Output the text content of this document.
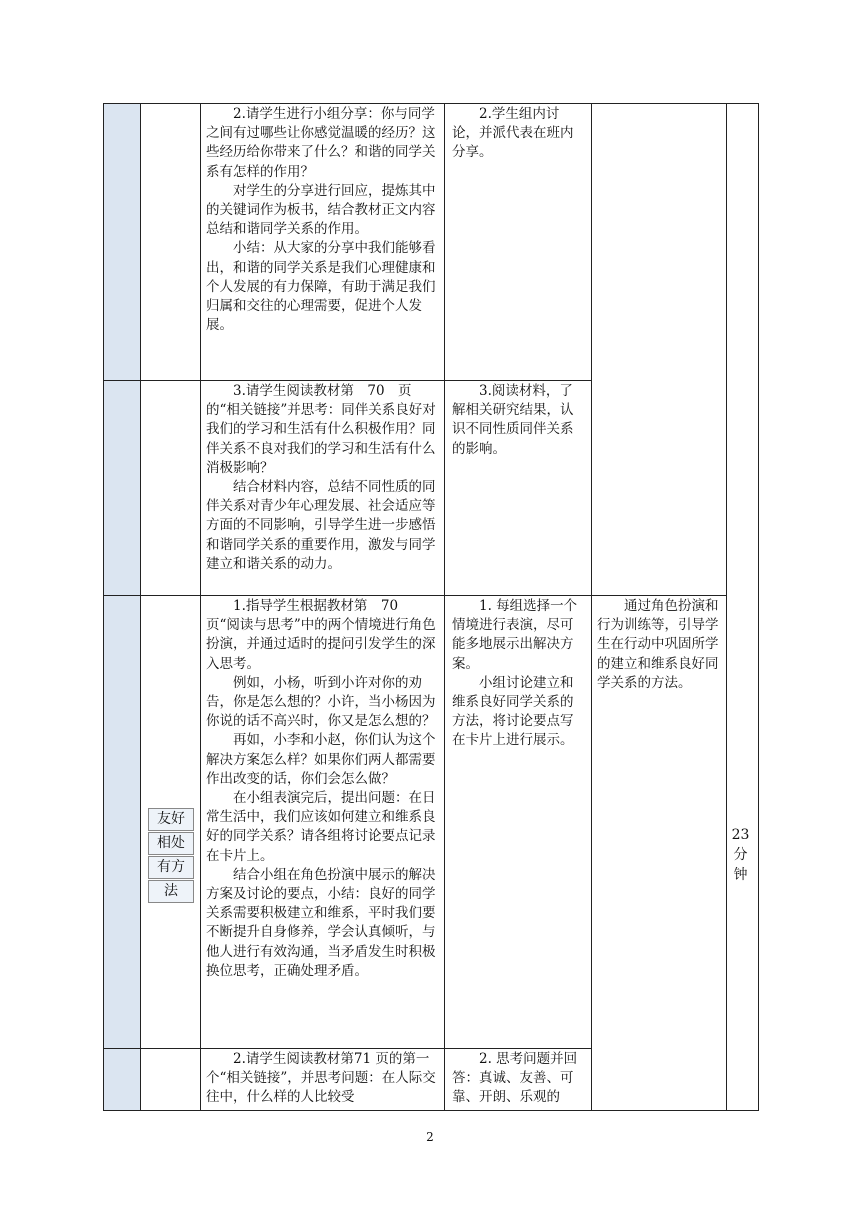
2.请学生进行小组分享：你与同学之间有过哪些让你感觉温暖的经历？这些经历给你带来了什么？和谐的同学关系有怎样的作用？

对学生的分享进行回应，提炼其中的关键词作为板书，结合教材正文内容总结和谐同学关系的作用。

小结：从大家的分享中我们能够看出，和谐的同学关系是我们心理健康和个人发展的有力保障，有助于满足我们归属和交往的心理需要，促进个人发展。

2.学生组内讨论，并派代表在班内分享。

3.请学生阅读教材第　70　页的“相关链接”并思考：同伴关系良好对我们的学习和生活有什么积极作用？同伴关系不良对我们的学习和生活有什么消极影响？

结合材料内容，总结不同性质的同伴关系对青少年心理发展、社会适应等方面的不同影响，引导学生进一步感悟和谐同学关系的重要作用，激发与同学建立和谐关系的动力。

3.阅读材料，了解相关研究结果，认识不同性质同伴关系的影响。

1.指导学生根据教材第　70　页“阅读与思考”中的两个情境进行角色扮演，并通过适时的提问引发学生的深入思考。

例如，小杨，听到小许对你的劝告，你是怎么想的？小许，当小杨因为你说的话不高兴时，你又是怎么想的？

再如，小李和小赵，你们认为这个解决方案怎么样？如果你们两人都需要作出改变的话，你们会怎么做？

在小组表演完后，提出问题：在日常生活中，我们应该如何建立和维系良好的同学关系？请各组将讨论要点记录在卡片上。

结合小组在角色扮演中展示的解决方案及讨论的要点，小结：良好的同学关系需要积极建立和维系，平时我们要不断提升自身修养，学会认真倾听，与他人进行有效沟通，当矛盾发生时积极换位思考，正确处理矛盾。

1. 每组选择一个情境进行表演，尽可能多地展示出解决方案。

小组讨论建立和维系良好同学关系的方法，将讨论要点写在卡片上进行展示。

通过角色扮演和行为训练等，引导学生在行动中巩固所学的建立和维系良好同学关系的方法。

友好
相处
有方
法
23
分
钟

2.请学生阅读教材第71 页的第一个“相关链接”，并思考问题：在人际交往中，什么样的人比较受

2. 思考问题并回答：真诚、友善、可靠、开朗、乐观的

2
